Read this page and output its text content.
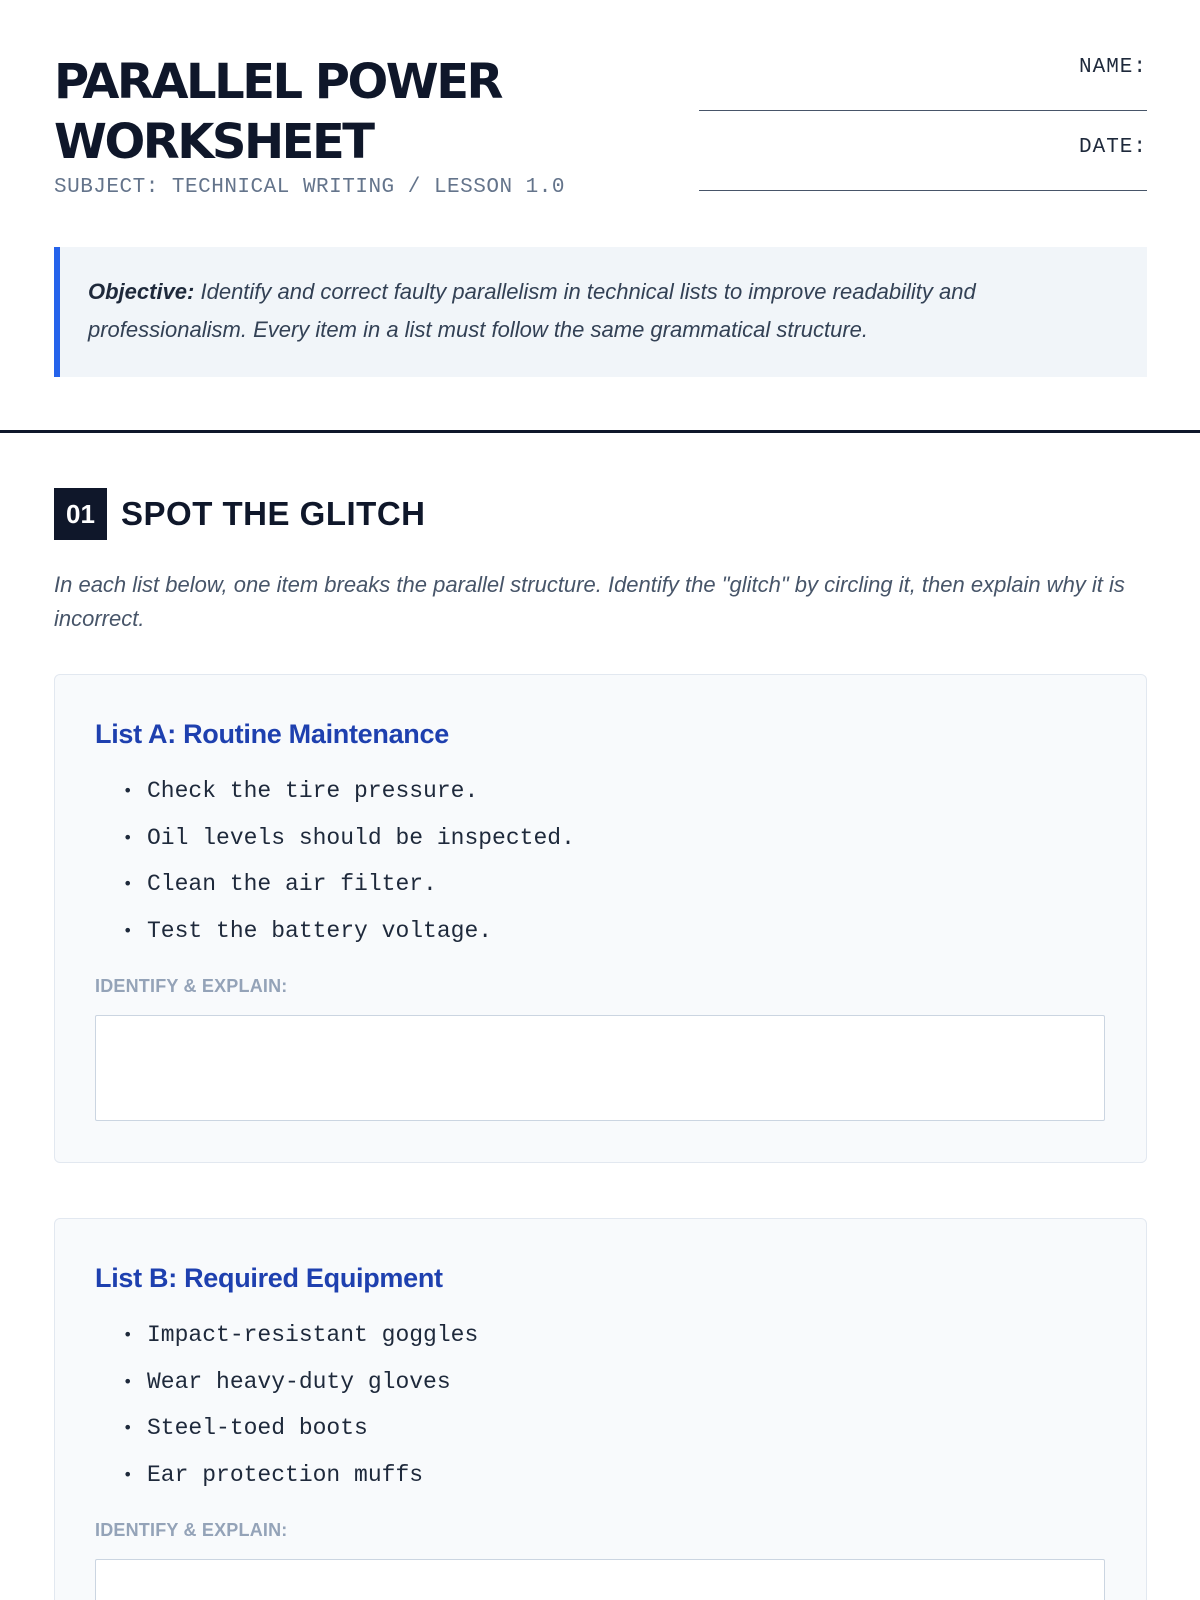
PARALLEL POWER
WORKSHEET
SUBJECT: TECHNICAL WRITING / LESSON 1.0
NAME:
DATE:
Objective: Identify and correct faulty parallelism in technical lists to improve readability and professionalism. Every item in a list must follow the same grammatical structure.
01 SPOT THE GLITCH
In each list below, one item breaks the parallel structure. Identify the "glitch" by circling it, then explain why it is incorrect.
List A: Routine Maintenance
• Check the tire pressure.
• Oil levels should be inspected.
• Clean the air filter.
• Test the battery voltage.
IDENTIFY & EXPLAIN:
List B: Required Equipment
• Impact-resistant goggles
• Wear heavy-duty gloves
• Steel-toed boots
• Ear protection muffs
IDENTIFY & EXPLAIN:
